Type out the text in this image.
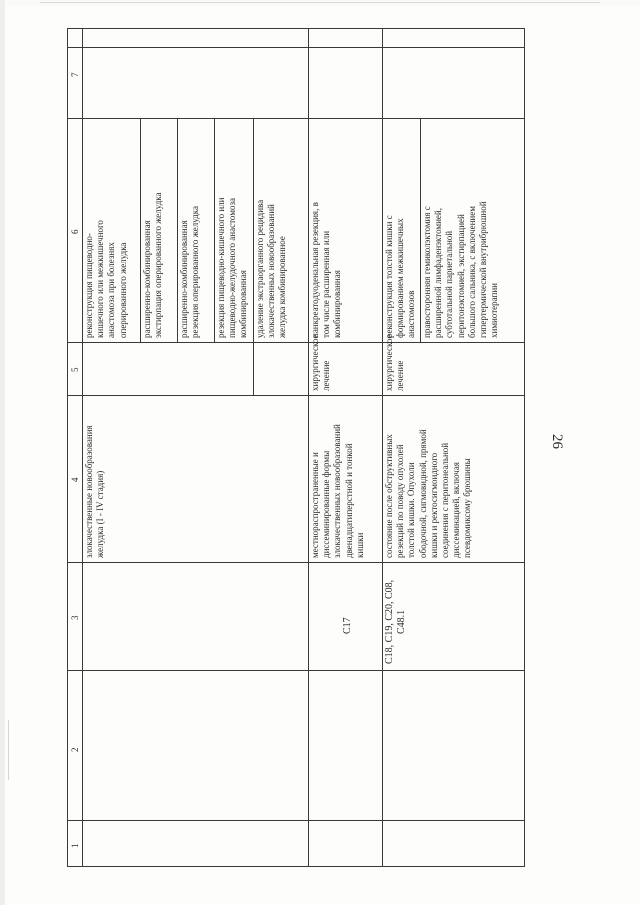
26
1
2
3
4
5
6
7
злокачественные новообразования желудка (I - IV стадия)
реконструкция пищеводно- кишечного или межкишечного анастомоза при болезнях оперированного желудка расширенно-комбинированная экстирпация оперированного желудка расширенно-комбинированная резекция оперированного желудка резекция пищеводно-кишечного или пищеводно-желудочного анастомоза комбинированная удаление экстраорганного рецидива злокачественных новообразований желудка комбинированное
C17
местнораспространенные и диссеминированные формы злокачественных новообразований двенадцатиперстной и тонкой кишки
хирургическое лечение
панкреатодуоденальная резекция, в том числе расширенная или комбинированная
C18, C19, C20, C08, C48.1
состояние после обструктивных резекций по поводу опухолей толстой кишки. Опухоли ободочной, сигмовидной, прямой кишки и ректосигмоидного соединения с перитонеальной диссеминацией, включая псевдомиксому брюшины
хирургическое лечение
реконструкция толстой кишки с формированием межкишечных анастомозов правосторонняя гемиколэктомия с расширенной лимфаденэктомией, субтотальной париетальной перитонэктомией, экстирпацией большого сальника, с включением гипертермической внутрибрюшной химиотерапии
